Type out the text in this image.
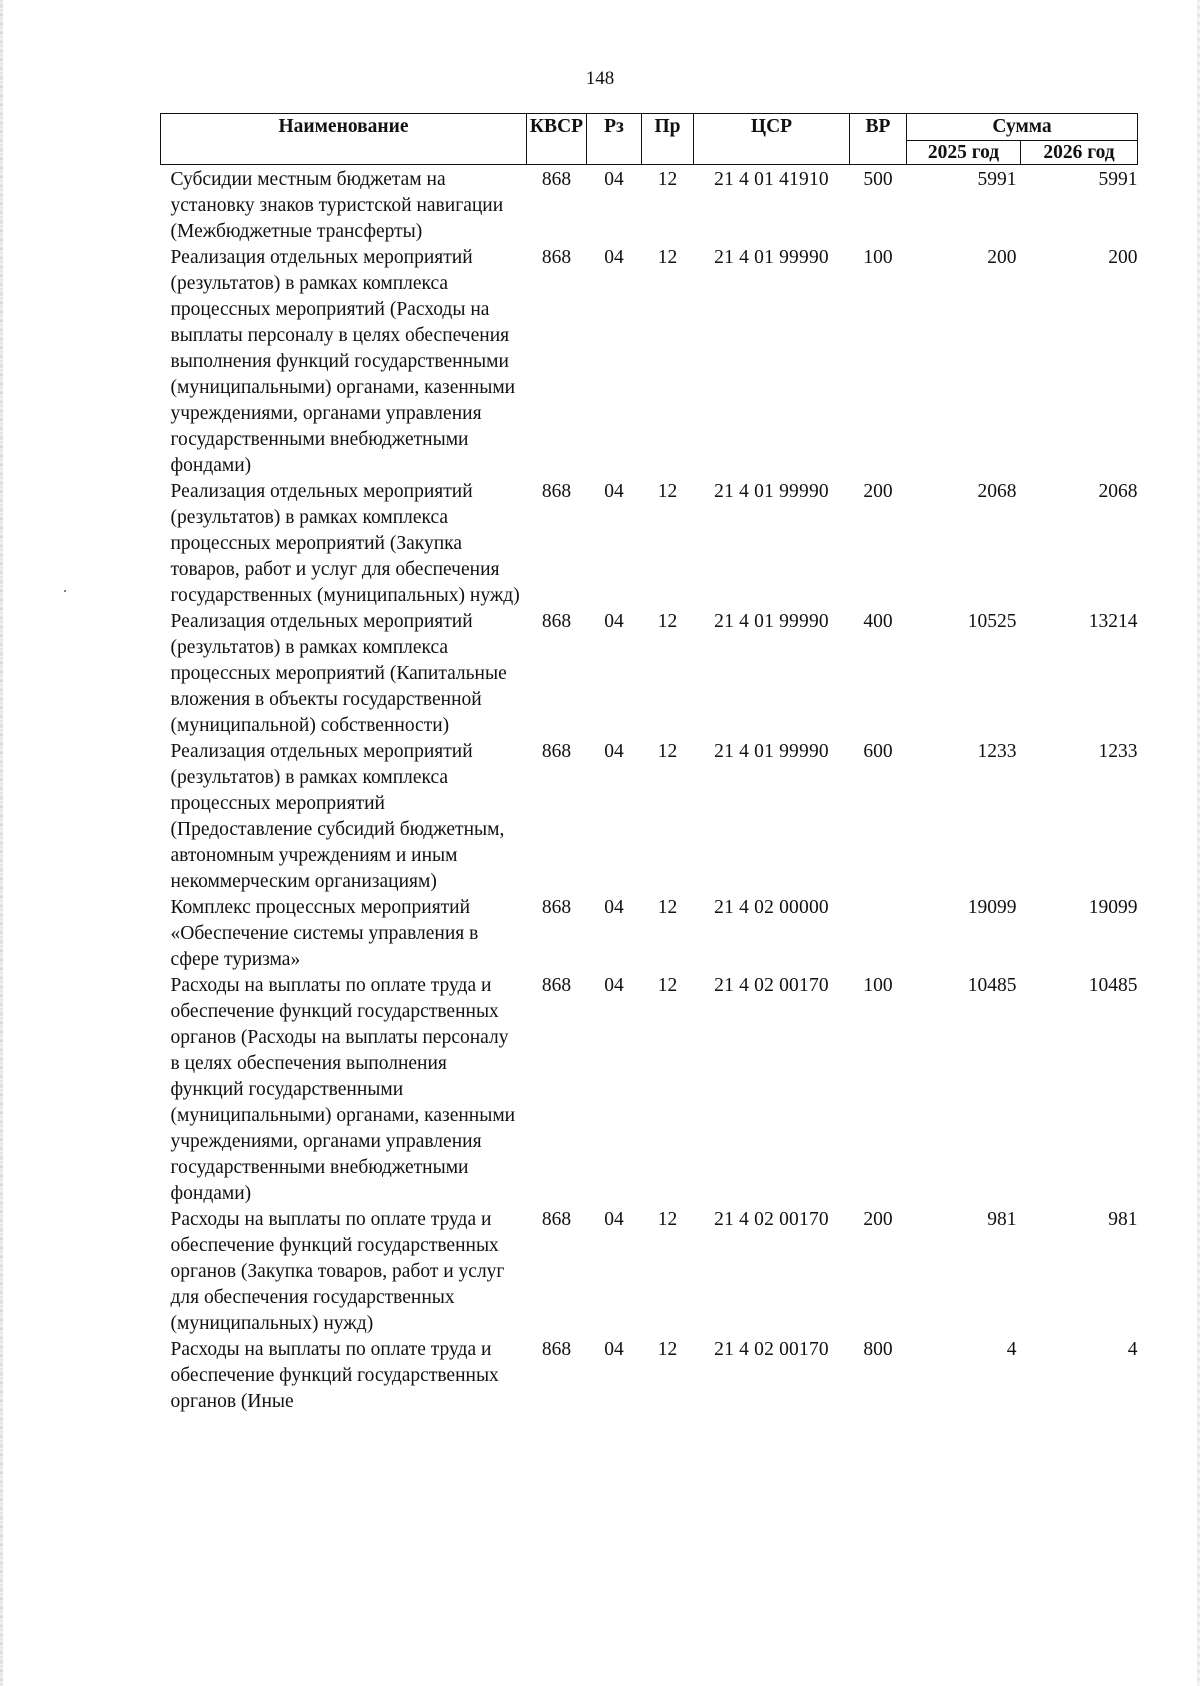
148
Наименование	КВСР	Рз	Пр	ЦСР	ВР	Сумма	
						2025 год	2026 год
Субсидии местным бюджетам на установку знаков туристской навигации (Межбюджетные трансферты)	868	04	12	21 4 01 41910	500	5991	5991
Реализация отдельных мероприятий (результатов) в рамках комплекса процессных мероприятий (Расходы на выплаты персоналу в целях обеспечения выполнения функций государственными (муниципальными) органами, казенными учреждениями, органами управления государственными внебюджетными фондами)	868	04	12	21 4 01 99990	100	200	200
Реализация отдельных мероприятий (результатов) в рамках комплекса процессных мероприятий (Закупка товаров, работ и услуг для обеспечения государственных (муниципальных) нужд)	868	04	12	21 4 01 99990	200	2068	2068
Реализация отдельных мероприятий (результатов) в рамках комплекса процессных мероприятий (Капитальные вложения в объекты государственной (муниципальной) собственности)	868	04	12	21 4 01 99990	400	10525	13214
Реализация отдельных мероприятий (результатов) в рамках комплекса процессных мероприятий (Предоставление субсидий бюджетным, автономным учреждениям и иным некоммерческим организациям)	868	04	12	21 4 01 99990	600	1233	1233
Комплекс процессных мероприятий «Обеспечение системы управления в сфере туризма»	868	04	12	21 4 02 00000		19099	19099
Расходы на выплаты по оплате труда и обеспечение функций государственных органов (Расходы на выплаты персоналу в целях обеспечения выполнения функций государственными (муниципальными) органами, казенными учреждениями, органами управления государственными внебюджетными фондами)	868	04	12	21 4 02 00170	100	10485	10485
Расходы на выплаты по оплате труда и обеспечение функций государственных органов (Закупка товаров, работ и услуг для обеспечения государственных (муниципальных) нужд)	868	04	12	21 4 02 00170	200	981	981
Расходы на выплаты по оплате труда и обеспечение функций государственных органов (Иные	868	04	12	21 4 02 00170	800	4	4
